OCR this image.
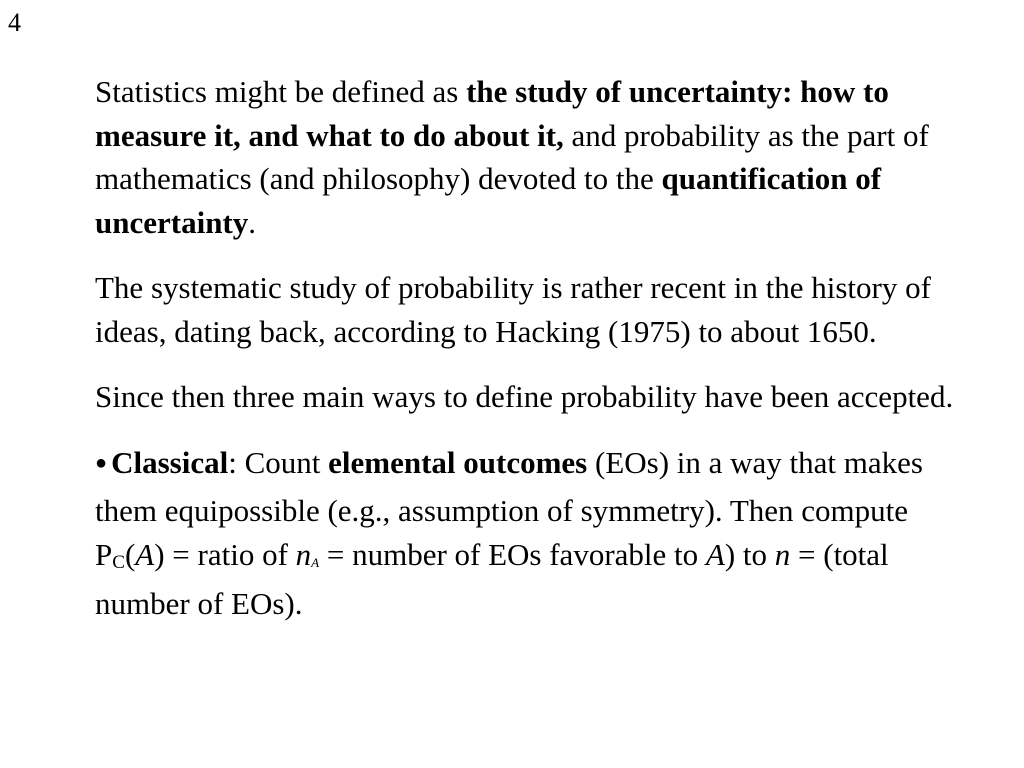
4

Statistics might be defined as the study of uncertainty: how to measure it, and what to do about it, and probability as the part of mathematics (and philosophy) devoted to the quantification of uncertainty.

The systematic study of probability is rather recent in the history of ideas, dating back, according to Hacking (1975) to about 1650.

Since then three main ways to define probability have been accepted.

● Classical: Count elemental outcomes (EOs) in a way that makes them equipossible (e.g., assumption of symmetry). Then compute PC(A) = ratio of nA = number of EOs favorable to A) to n = (total number of EOs).
